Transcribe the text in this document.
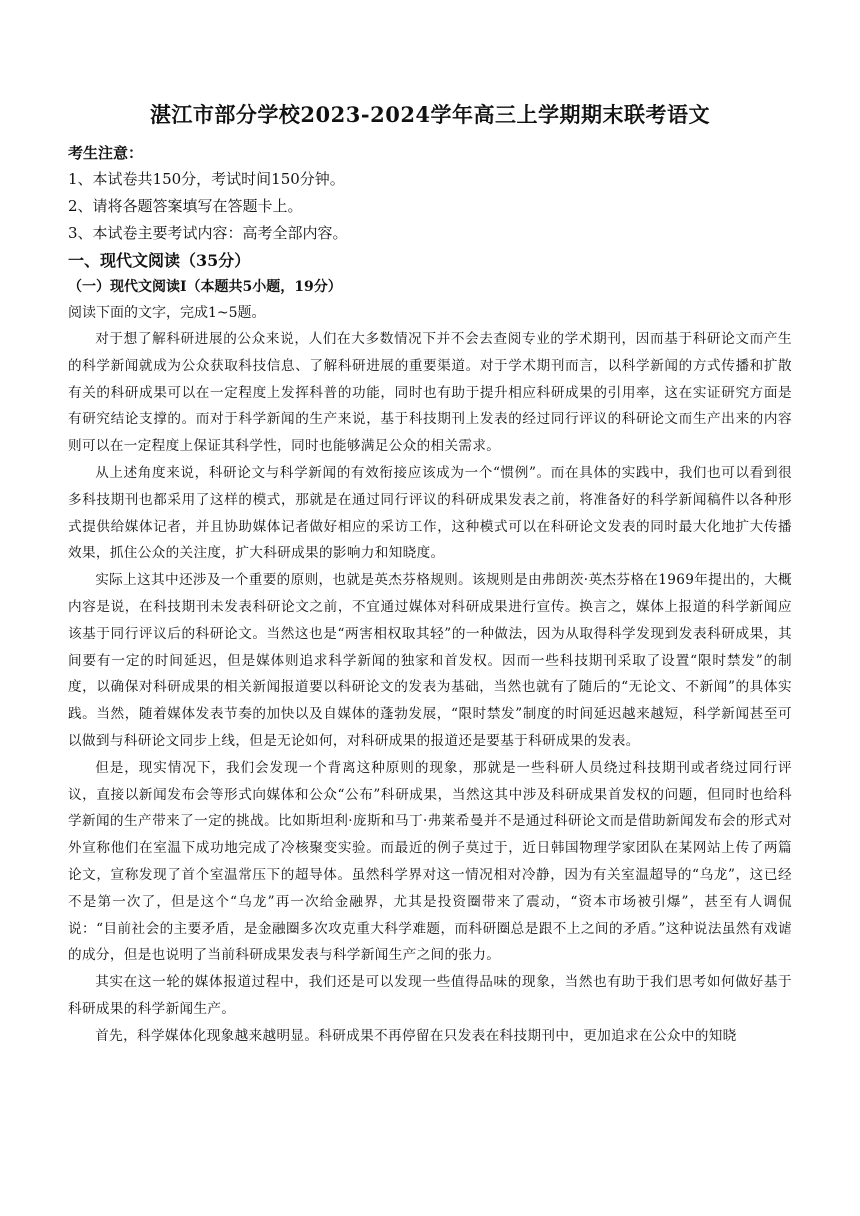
湛江市部分学校2023-2024学年高三上学期期末联考语文

考生注意：

1、本试卷共150分，考试时间150分钟。

2、请将各题答案填写在答题卡上。

3、本试卷主要考试内容：高考全部内容。

一、现代文阅读（35分）

（一）现代文阅读Ⅰ（本题共5小题，19分）

阅读下面的文字，完成1~5题。

对于想了解科研进展的公众来说，人们在大多数情况下并不会去查阅专业的学术期刊，因而基于科研论文而产生的科学新闻就成为公众获取科技信息、了解科研进展的重要渠道。对于学术期刊而言，以科学新闻的方式传播和扩散有关的科研成果可以在一定程度上发挥科普的功能，同时也有助于提升相应科研成果的引用率，这在实证研究方面是有研究结论支撑的。而对于科学新闻的生产来说，基于科技期刊上发表的经过同行评议的科研论文而生产出来的内容则可以在一定程度上保证其科学性，同时也能够满足公众的相关需求。

从上述角度来说，科研论文与科学新闻的有效衔接应该成为一个“惯例”。而在具体的实践中，我们也可以看到很多科技期刊也都采用了这样的模式，那就是在通过同行评议的科研成果发表之前，将准备好的科学新闻稿件以各种形式提供给媒体记者，并且协助媒体记者做好相应的采访工作，这种模式可以在科研论文发表的同时最大化地扩大传播效果，抓住公众的关注度，扩大科研成果的影响力和知晓度。

实际上这其中还涉及一个重要的原则，也就是英杰芬格规则。该规则是由弗朗茨·英杰芬格在1969年提出的，大概内容是说，在科技期刊未发表科研论文之前，不宜通过媒体对科研成果进行宣传。换言之，媒体上报道的科学新闻应该基于同行评议后的科研论文。当然这也是“两害相权取其轻”的一种做法，因为从取得科学发现到发表科研成果，其间要有一定的时间延迟，但是媒体则追求科学新闻的独家和首发权。因而一些科技期刊采取了设置“限时禁发”的制度，以确保对科研成果的相关新闻报道要以科研论文的发表为基础，当然也就有了随后的“无论文、不新闻”的具体实践。当然，随着媒体发表节奏的加快以及自媒体的蓬勃发展，“限时禁发”制度的时间延迟越来越短，科学新闻甚至可以做到与科研论文同步上线，但是无论如何，对科研成果的报道还是要基于科研成果的发表。

但是，现实情况下，我们会发现一个背离这种原则的现象，那就是一些科研人员绕过科技期刊或者绕过同行评议，直接以新闻发布会等形式向媒体和公众“公布”科研成果，当然这其中涉及科研成果首发权的问题，但同时也给科学新闻的生产带来了一定的挑战。比如斯坦利·庞斯和马丁·弗莱希曼并不是通过科研论文而是借助新闻发布会的形式对外宣称他们在室温下成功地完成了冷核聚变实验。而最近的例子莫过于，近日韩国物理学家团队在某网站上传了两篇论文，宣称发现了首个室温常压下的超导体。虽然科学界对这一情况相对冷静，因为有关室温超导的“乌龙”，这已经不是第一次了，但是这个“乌龙”再一次给金融界，尤其是投资圈带来了震动，“资本市场被引爆”，甚至有人调侃说：“目前社会的主要矛盾，是金融圈多次攻克重大科学难题，而科研圈总是跟不上之间的矛盾。”这种说法虽然有戏谑的成分，但是也说明了当前科研成果发表与科学新闻生产之间的张力。

其实在这一轮的媒体报道过程中，我们还是可以发现一些值得品味的现象，当然也有助于我们思考如何做好基于科研成果的科学新闻生产。

首先，科学媒体化现象越来越明显。科研成果不再停留在只发表在科技期刊中，更加追求在公众中的知晓
